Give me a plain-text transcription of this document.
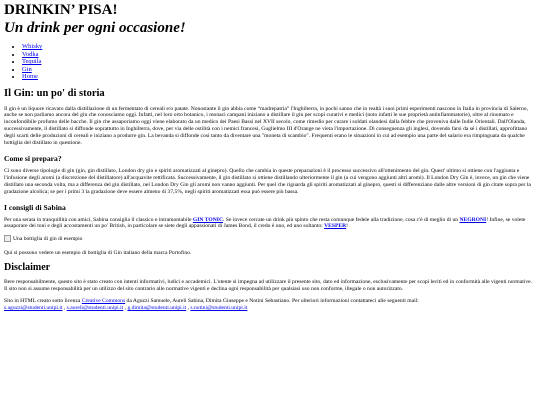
DRINKIN’ PISA!
Un drink per ogni occasione!
• Whisky
• Vodka
• Tequila
• Gin
• Home
Il Gin: un po' di storia

Il gin è un liquore ricavato dalla distillazione di un fermentato di cereali e/o patate. Nonostante il gin abbia come “madrepatria” l'Inghilterra, in pochi sanno che in realtà i suoi primi esperimenti nascono in Italia in provincia di Salerno, anche se non parliamo ancora del gin che conosciamo oggi. Infatti, nel loro orto botanico, i monaci campani iniziano a distillare il gin per scopi curativi e medici (noto infatti le sue proprietà antinfiammatorie), oltre al rinomato e inconfondibile profumo delle bacche. Il gin che assaporiamo oggi viene elaborato da un medico dei Paesi Bassi nel XVII secolo, come rimedio per curare i soldati olandesi dalla febbre che proveniva dalle Indie Orientali. Dall'Olanda, successivamente, il distillato si diffonde soprattutto in Inghilterra, dove, per via delle ostilità con i nemici francesi, Guglielmo III d'Orange ne vieta l'importazione. Di conseguenza gli inglesi, dovendo farsi da sé i distillati, approfittano degli scarti delle produzioni di cereali e iniziano a produrre gin. La bevanda si diffonde così tanto da diventare una "moneta di scambio". Frequenti erano le situazioni in cui ad esempio una parte del salario era rimpinguata da qualche bottiglia del distillato in questione.

Come si prepara?

Ci sono diverse tipologie di gin (gin, gin distillato, London dry gin e spiriti aromatizzati al ginepro). Quello che cambia in queste preparazioni è il processo successivo all'ottenimento del gin. Quest' ultimo si ottiene con l'aggiunta e l'infusione degli aromi (a discrezione del distillatore) all'acquavite rettificata. Successivamente, il gin distillato si ottiene distillando ulteriormente il gin (a cui vengono aggiunti altri aromi). Il London Dry Gin è, invece, un gin che viene distillato una seconda volta, ma a differenza del gin distillato, nel London Dry Gin gli aromi non vanno aggiunti. Per quel che riguarda gli spiriti aromatizzati al ginepro, questi si differenziano dalle altre versioni di gin citate sopra per la gradazione alcolica; se per i primi 3 la gradazione deve essere almeno di 37,5%, negli spiriti aromatizzati essa può essere più bassa.

I consigli di Sabina

Per una serata in tranquillità con amici, Sabina consiglia il classico e intramontabile GIN TONIC. Se invece cercate un drink più spinto che resta comunque fedele alla tradizione, cosa c'è di meglio di un NEGRONI! Infine, se volete assaporare dei toni e degli accostamenti un po' British, in particolare se siete degli appassionati di James Bond, il credo è uno, ed uno soltanto: VESPER!

Una bottiglia di gin di esempio

Qui si possono vedere un esempio di bottiglia di Gin italiano della marca Portofino.

Disclaimer

Bere responsabilmente, questo sito è stato creato con intenti informativi, ludici e accademici. L'utente si impegna ad utilizzare il presente sito, dato ed informazione, esclusivamente per scopi leciti ed in conformità alle vigenti normative. Il sito non si assume responsabilità per un utilizzo del sito contrario alle normative vigenti e declina ogni responsabilità per qualsiasi uso non conforme, illegale o non autorizzato.

Sito in HTML creato sotto licenza Creative Commons da Aguzzi Samuele, Aureli Sabina, Dimita Giuseppe e Notini Sebastiano. Per ulteriori informazioni contattateci alle seguenti mail:
s.aguzzi@studenti.unipi.it , s.aureli@studenti.unipi.it , g.dimita@studenti.unipi.it , s.notini@studenti.unipi.it
